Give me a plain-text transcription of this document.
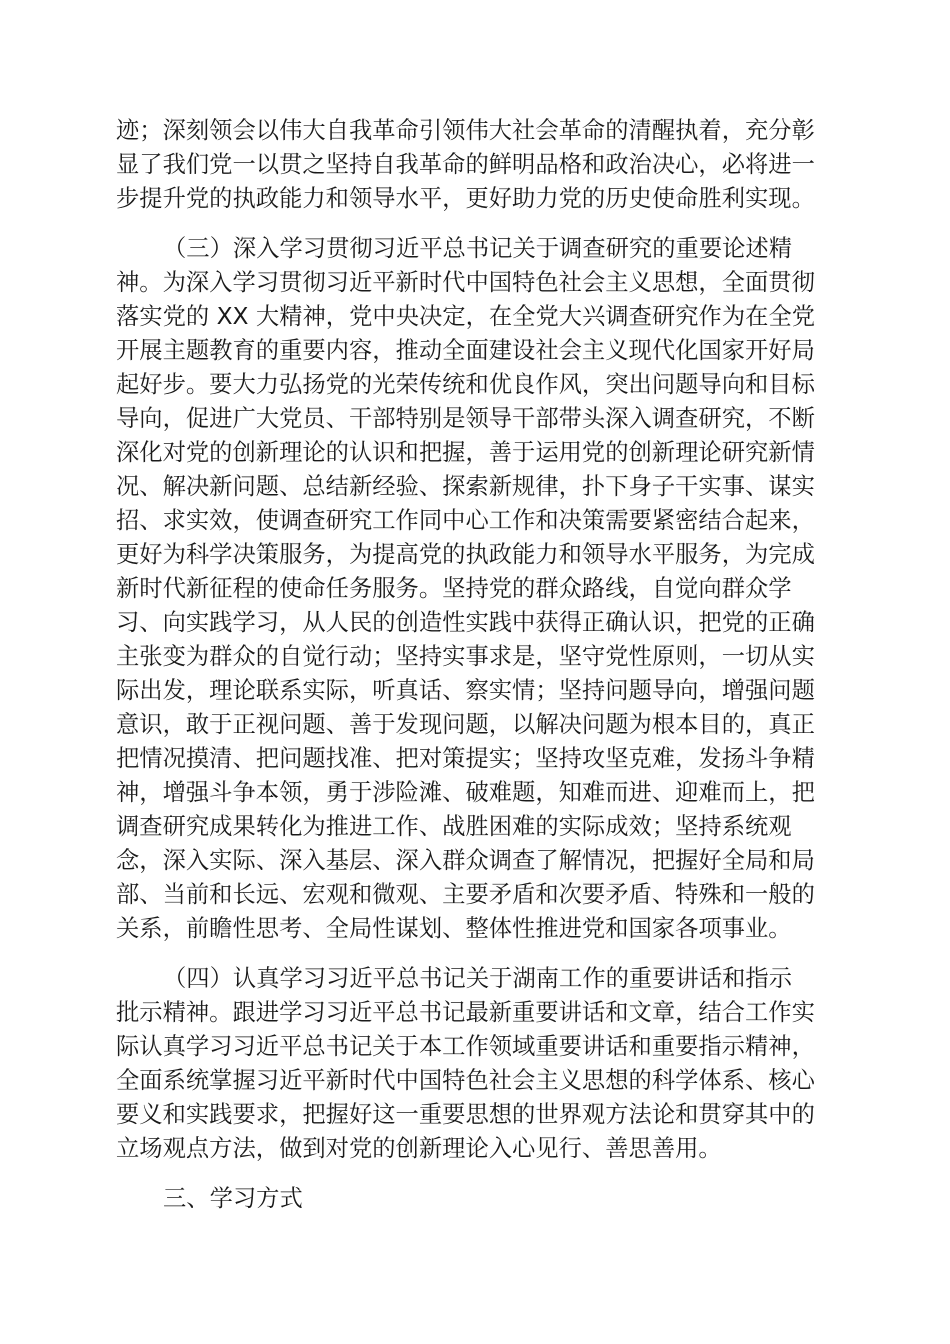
迹；深刻领会以伟大自我革命引领伟大社会革命的清醒执着，充分彰
显了我们党一以贯之坚持自我革命的鲜明品格和政治决心，必将进一
步提升党的执政能力和领导水平，更好助力党的历史使命胜利实现。
（三）深入学习贯彻习近平总书记关于调查研究的重要论述精
神。为深入学习贯彻习近平新时代中国特色社会主义思想，全面贯彻
落实党的 XX 大精神，党中央决定，在全党大兴调查研究作为在全党
开展主题教育的重要内容，推动全面建设社会主义现代化国家开好局
起好步。要大力弘扬党的光荣传统和优良作风，突出问题导向和目标
导向，促进广大党员、干部特别是领导干部带头深入调查研究，不断
深化对党的创新理论的认识和把握，善于运用党的创新理论研究新情
况、解决新问题、总结新经验、探索新规律，扑下身子干实事、谋实
招、求实效，使调查研究工作同中心工作和决策需要紧密结合起来，
更好为科学决策服务，为提高党的执政能力和领导水平服务，为完成
新时代新征程的使命任务服务。坚持党的群众路线，自觉向群众学
习、向实践学习，从人民的创造性实践中获得正确认识，把党的正确
主张变为群众的自觉行动；坚持实事求是，坚守党性原则，一切从实
际出发，理论联系实际，听真话、察实情；坚持问题导向，增强问题
意识，敢于正视问题、善于发现问题，以解决问题为根本目的，真正
把情况摸清、把问题找准、把对策提实；坚持攻坚克难，发扬斗争精
神，增强斗争本领，勇于涉险滩、破难题，知难而进、迎难而上，把
调查研究成果转化为推进工作、战胜困难的实际成效；坚持系统观
念，深入实际、深入基层、深入群众调查了解情况，把握好全局和局
部、当前和长远、宏观和微观、主要矛盾和次要矛盾、特殊和一般的
关系，前瞻性思考、全局性谋划、整体性推进党和国家各项事业。
（四）认真学习习近平总书记关于湖南工作的重要讲话和指示
批示精神。跟进学习习近平总书记最新重要讲话和文章，结合工作实
际认真学习习近平总书记关于本工作领域重要讲话和重要指示精神，
全面系统掌握习近平新时代中国特色社会主义思想的科学体系、核心
要义和实践要求，把握好这一重要思想的世界观方法论和贯穿其中的
立场观点方法，做到对党的创新理论入心见行、善思善用。
三、学习方式
